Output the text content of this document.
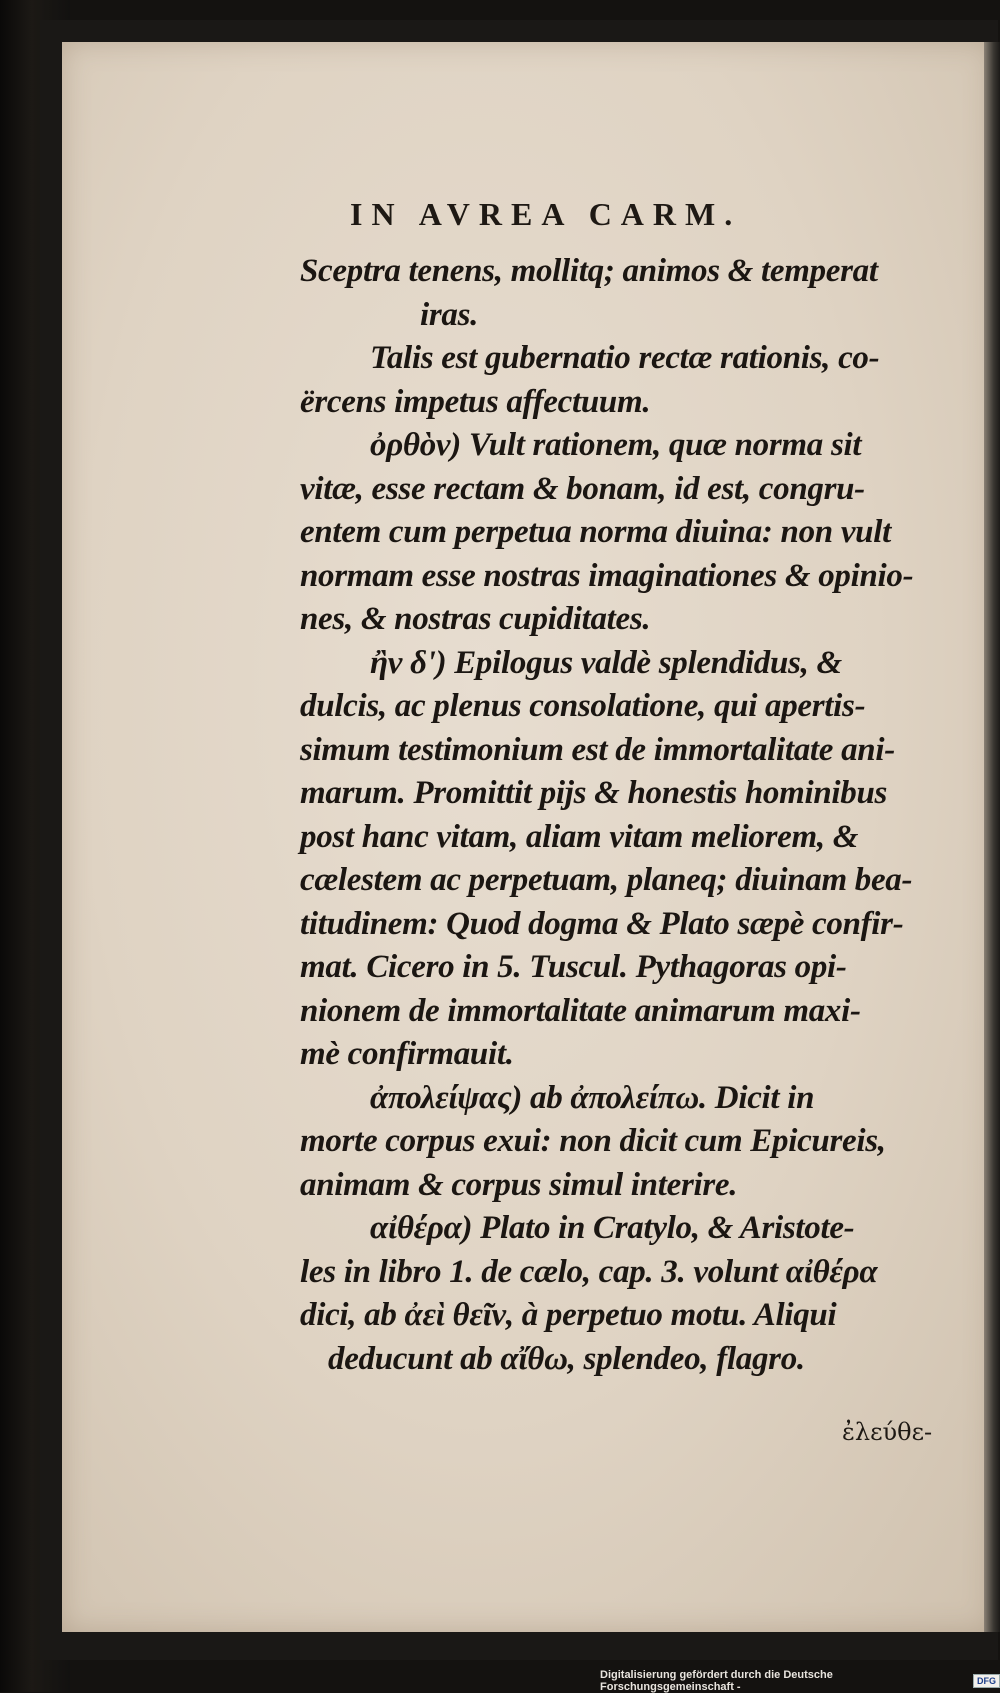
IN AVREA CARM.
Sceptra tenens, mollitq; animos & temperat
iras.
Talis est gubernatio rectæ rationis, co-
ërcens impetus affectuum.
ὀρθὸν) Vult rationem, quæ norma sit
vitæ, esse rectam & bonam, id est, congru-
entem cum perpetua norma diuina: non vult
normam esse nostras imaginationes & opinio-
nes, & nostras cupiditates.
ἢν δ') Epilogus valdè splendidus, &
dulcis, ac plenus consolatione, qui apertis-
simum testimonium est de immortalitate ani-
marum. Promittit pijs & honestis hominibus
post hanc vitam, aliam vitam meliorem, &
cælestem ac perpetuam, planeq; diuinam bea-
titudinem: Quod dogma & Plato sæpè confir-
mat. Cicero in 5. Tuscul. Pythagoras opi-
nionem de immortalitate animarum maxi-
mè confirmauit.
ἀπολείψας) ab ἀπολείπω. Dicit in
morte corpus exui: non dicit cum Epicureis,
animam & corpus simul interire.
αἰθέρα) Plato in Cratylo, & Aristote-
les in libro 1. de cælo, cap. 3. volunt αἰθέρα
dici, ab ἀεὶ θεῖν, à perpetuo motu. Aliqui
deducunt ab αἴθω, splendeo, flagro.
ἐλεύθε-
Digitalisierung gefördert durch die Deutsche Forschungsgemeinschaft -	DFG
